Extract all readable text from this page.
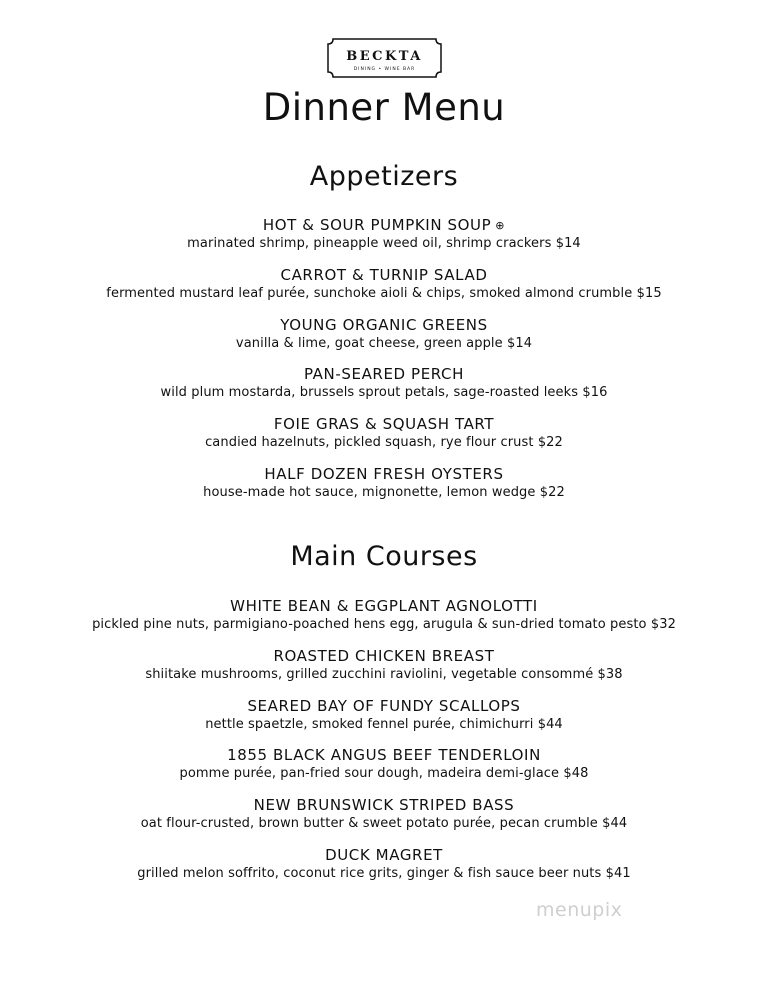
BECKTA
DINING • WINE BAR
Dinner Menu
Appetizers
HOT & SOUR PUMPKIN SOUP ⊕
marinated shrimp, pineapple weed oil, shrimp crackers $14
CARROT & TURNIP SALAD
fermented mustard leaf purée, sunchoke aioli & chips, smoked almond crumble $15
YOUNG ORGANIC GREENS
vanilla & lime, goat cheese, green apple $14
PAN-SEARED PERCH
wild plum mostarda, brussels sprout petals, sage-roasted leeks $16
FOIE GRAS & SQUASH TART
candied hazelnuts, pickled squash, rye flour crust $22
HALF DOZEN FRESH OYSTERS
house-made hot sauce, mignonette, lemon wedge $22
Main Courses
WHITE BEAN & EGGPLANT AGNOLOTTI
pickled pine nuts, parmigiano-poached hens egg, arugula & sun-dried tomato pesto $32
ROASTED CHICKEN BREAST
shiitake mushrooms, grilled zucchini raviolini, vegetable consommé $38
SEARED BAY OF FUNDY SCALLOPS
nettle spaetzle, smoked fennel purée, chimichurri $44
1855 BLACK ANGUS BEEF TENDERLOIN
pomme purée, pan-fried sour dough, madeira demi-glace $48
NEW BRUNSWICK STRIPED BASS
oat flour-crusted, brown butter & sweet potato purée, pecan crumble $44
DUCK MAGRET
grilled melon soffrito, coconut rice grits, ginger & fish sauce beer nuts $41
menupix
